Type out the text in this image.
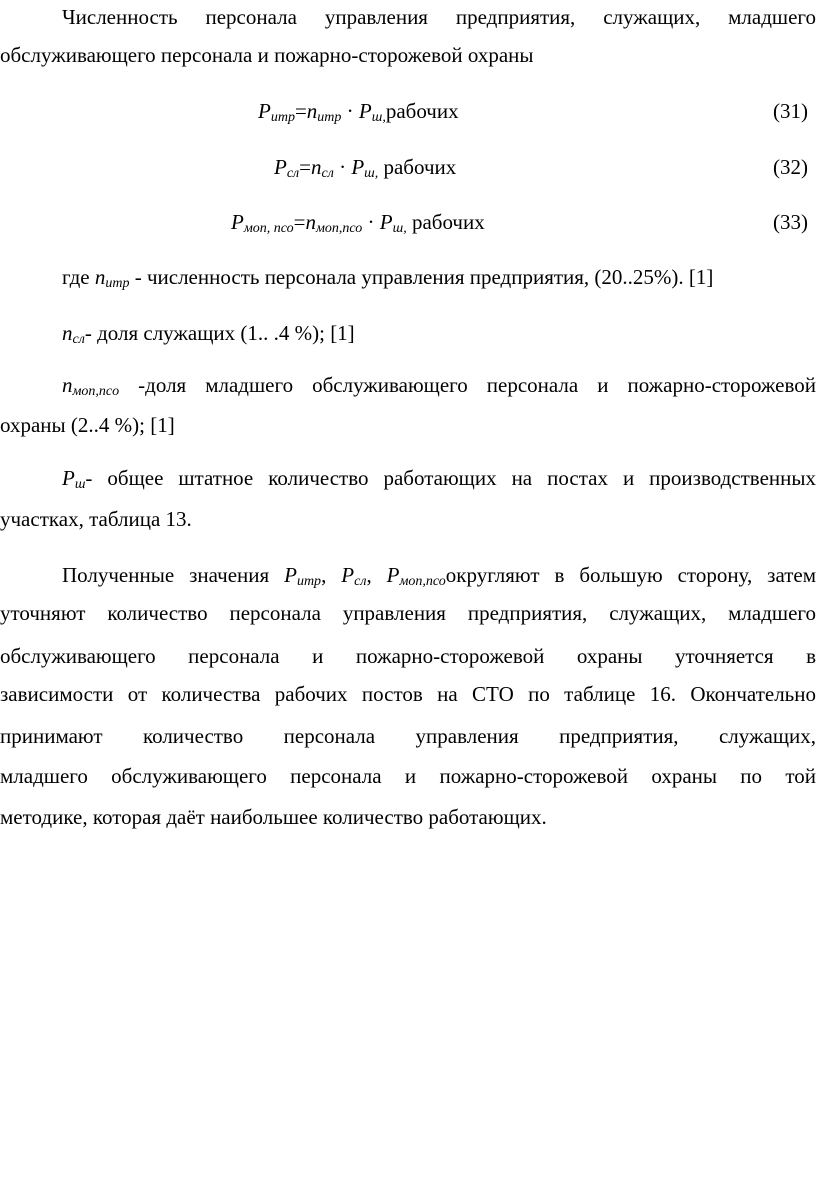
Численность персонала управления предприятия, служащих, младшего
обслуживающего персонала и пожарно-сторожевой охраны
$P_{итр}=n_{итр}$ · $P_{ш,}рабочих$	(31)
$P_{сл}=n_{сл} \cdot P_{ш,}$ рабочих	(32)
$P_{моп, псо}=n_{моп,псо} \cdot P_{ш,}$ рабочих	(33)
где $n_{итр}$ - численность персонала управления предприятия, (20..25%). [1]
$n_{сл}-$ доля служащих (1.. .4 %); [1]
$n_{моп,пco}$ -доля младшего обслуживающего персонала и пожарно-сторожевой
охраны (2..4 %); [1]
$P_ш-$ общее штатное количество работающих на постах и производственных
участках, таблица 13.
Полученные значения $P_{итр}$, $P_{сл}$, $P_{моп,псо}округляют$ в большую сторону, затем
уточняют количество персонала управления предприятия, служащих, младшего
обслуживающего персонала и пожарно-сторожевой охраны уточняется в
зависимости от количества рабочих постов на СТО по таблице 16. Окончательно
принимают количество персонала управления предприятия, служащих,
младшего обслуживающего персонала и пожарно-сторожевой охраны по той
методике, которая даёт наибольшее количество работающих.
